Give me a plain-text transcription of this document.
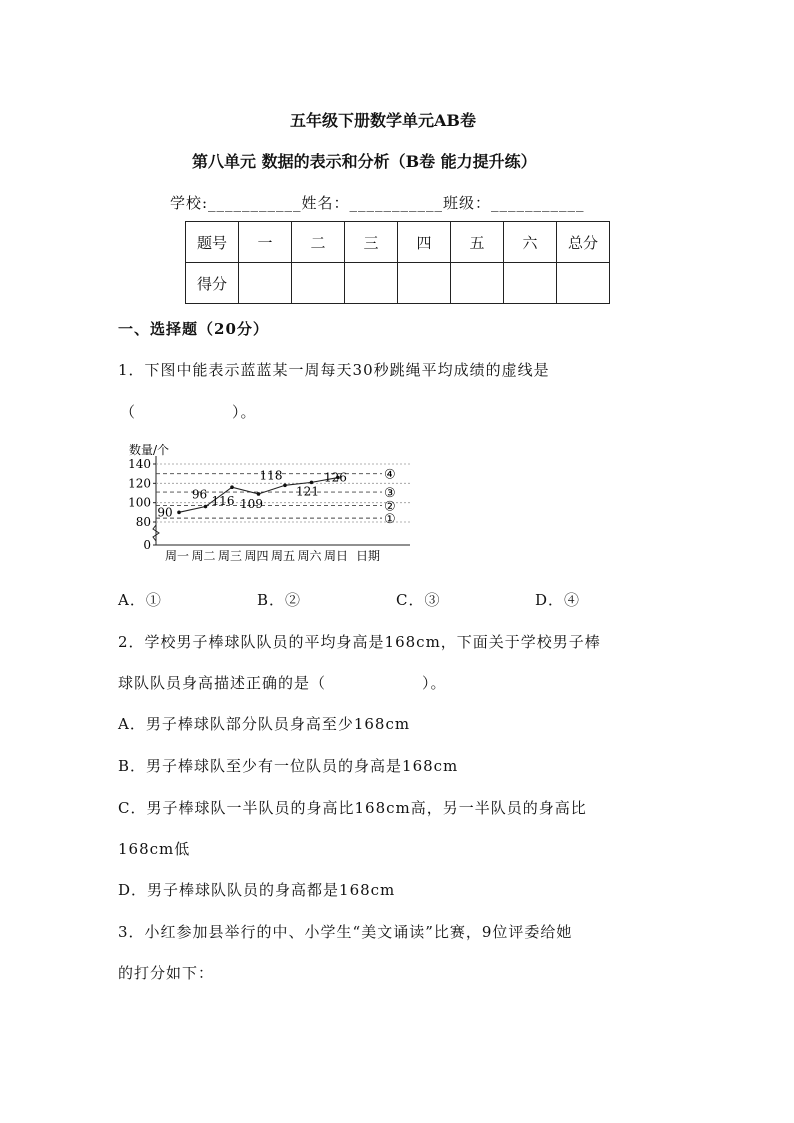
五年级下册数学单元AB卷
第八单元 数据的表示和分析（B卷 能力提升练）
学校:___________姓名：___________班级：___________
题号	一	二	三	四	五	六	总分
得分							
一、选择题（20分）
1．下图中能表示蓝蓝某一周每天30秒跳绳平均成绩的虚线是
（　　　　　　）。
数量/个
0
80
100
120
140
①
②
③
④
90
96 116 109
118
121
126
周一 周二 周三 周四 周五 周六 周日 日期
A．①	B．②	C．③	D．④
2．学校男子棒球队队员的平均身高是168cm，下面关于学校男子棒
球队队员身高描述正确的是（　　　　　　）。
A．男子棒球队部分队员身高至少168cm
B．男子棒球队至少有一位队员的身高是168cm
C．男子棒球队一半队员的身高比168cm高，另一半队员的身高比
168cm低
D．男子棒球队队员的身高都是168cm
3．小红参加县举行的中、小学生“美文诵读”比赛，9位评委给她
的打分如下：
